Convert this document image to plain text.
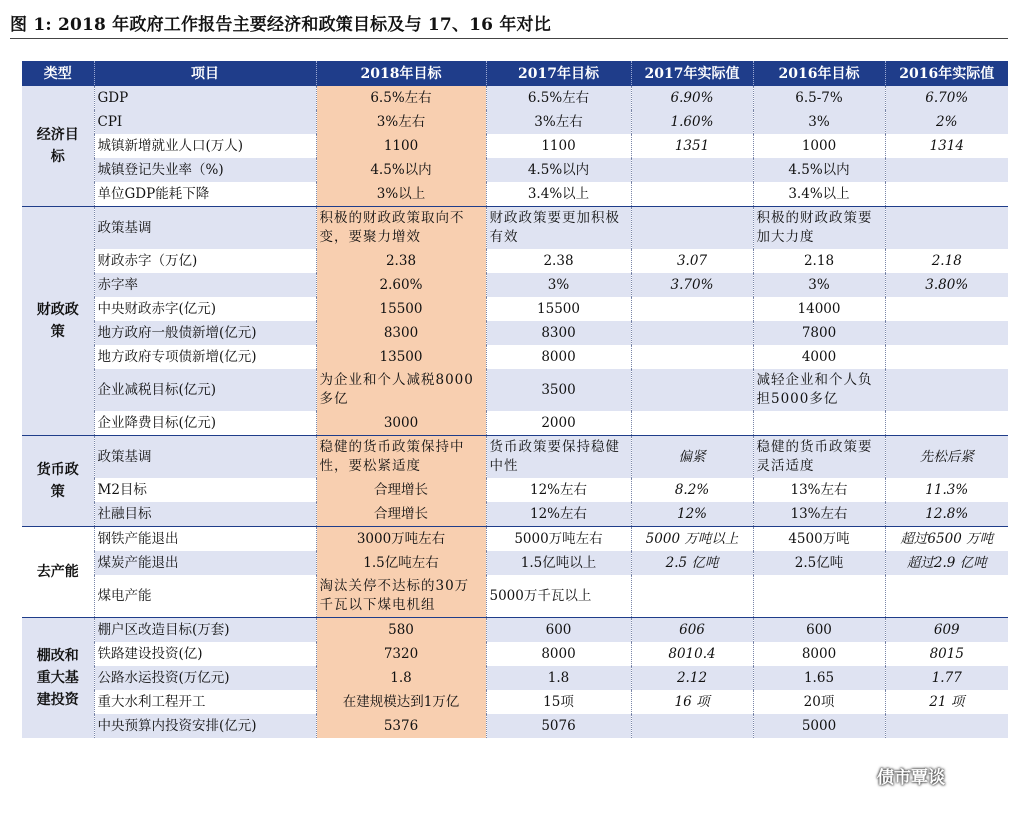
图 1: 2018 年政府工作报告主要经济和政策目标及与 17、16 年对比
类型	项目	2018年目标	2017年目标	2017年实际值	2016年目标	2016年实际值
经济目标	GDP	6.5%左右	6.5%左右	6.90%	6.5-7%	6.70%
	CPI	3%左右	3%左右	1.60%	3%	2%
	城镇新增就业人口(万人)	1100	1100	1351	1000	1314
	城镇登记失业率（%)	4.5%以内	4.5%以内		4.5%以内	
	单位GDP能耗下降	3%以上	3.4%以上		3.4%以上	
财政政策	政策基调	积极的财政政策取向不变，要聚力增效	财政政策要更加积极有效		积极的财政政策要加大力度	
	财政赤字（万亿)	2.38	2.38	3.07	2.18	2.18
	赤字率	2.60%	3%	3.70%	3%	3.80%
	中央财政赤字(亿元)	15500	15500		14000	
	地方政府一般债新增(亿元)	8300	8300		7800	
	地方政府专项债新增(亿元)	13500	8000		4000	
	企业减税目标(亿元)	为企业和个人减税8000多亿	3500		减轻企业和个人负担5000多亿	
	企业降费目标(亿元)	3000	2000			
货币政策	政策基调	稳健的货币政策保持中性，要松紧适度	货币政策要保持稳健中性	偏紧	稳健的货币政策要灵活适度	先松后紧
	M2目标	合理增长	12%左右	8.2%	13%左右	11.3%
	社融目标	合理增长	12%左右	12%	13%左右	12.8%
去产能	钢铁产能退出	3000万吨左右	5000万吨左右	5000 万吨以上	4500万吨	超过6500 万吨
	煤炭产能退出	1.5亿吨左右	1.5亿吨以上	2.5 亿吨	2.5亿吨	超过2.9 亿吨
	煤电产能	淘汰关停不达标的30万千瓦以下煤电机组	5000万千瓦以上			
棚改和重大基建投资	棚户区改造目标(万套)	580	600	606	600	609
	铁路建设投资(亿)	7320	8000	8010.4	8000	8015
	公路水运投资(万亿元)	1.8	1.8	2.12	1.65	1.77
	重大水利工程开工	在建规模达到1万亿	15项	16 项	20项	21 项
	中央预算内投资安排(亿元)	5376	5076		5000	
债市覃谈
